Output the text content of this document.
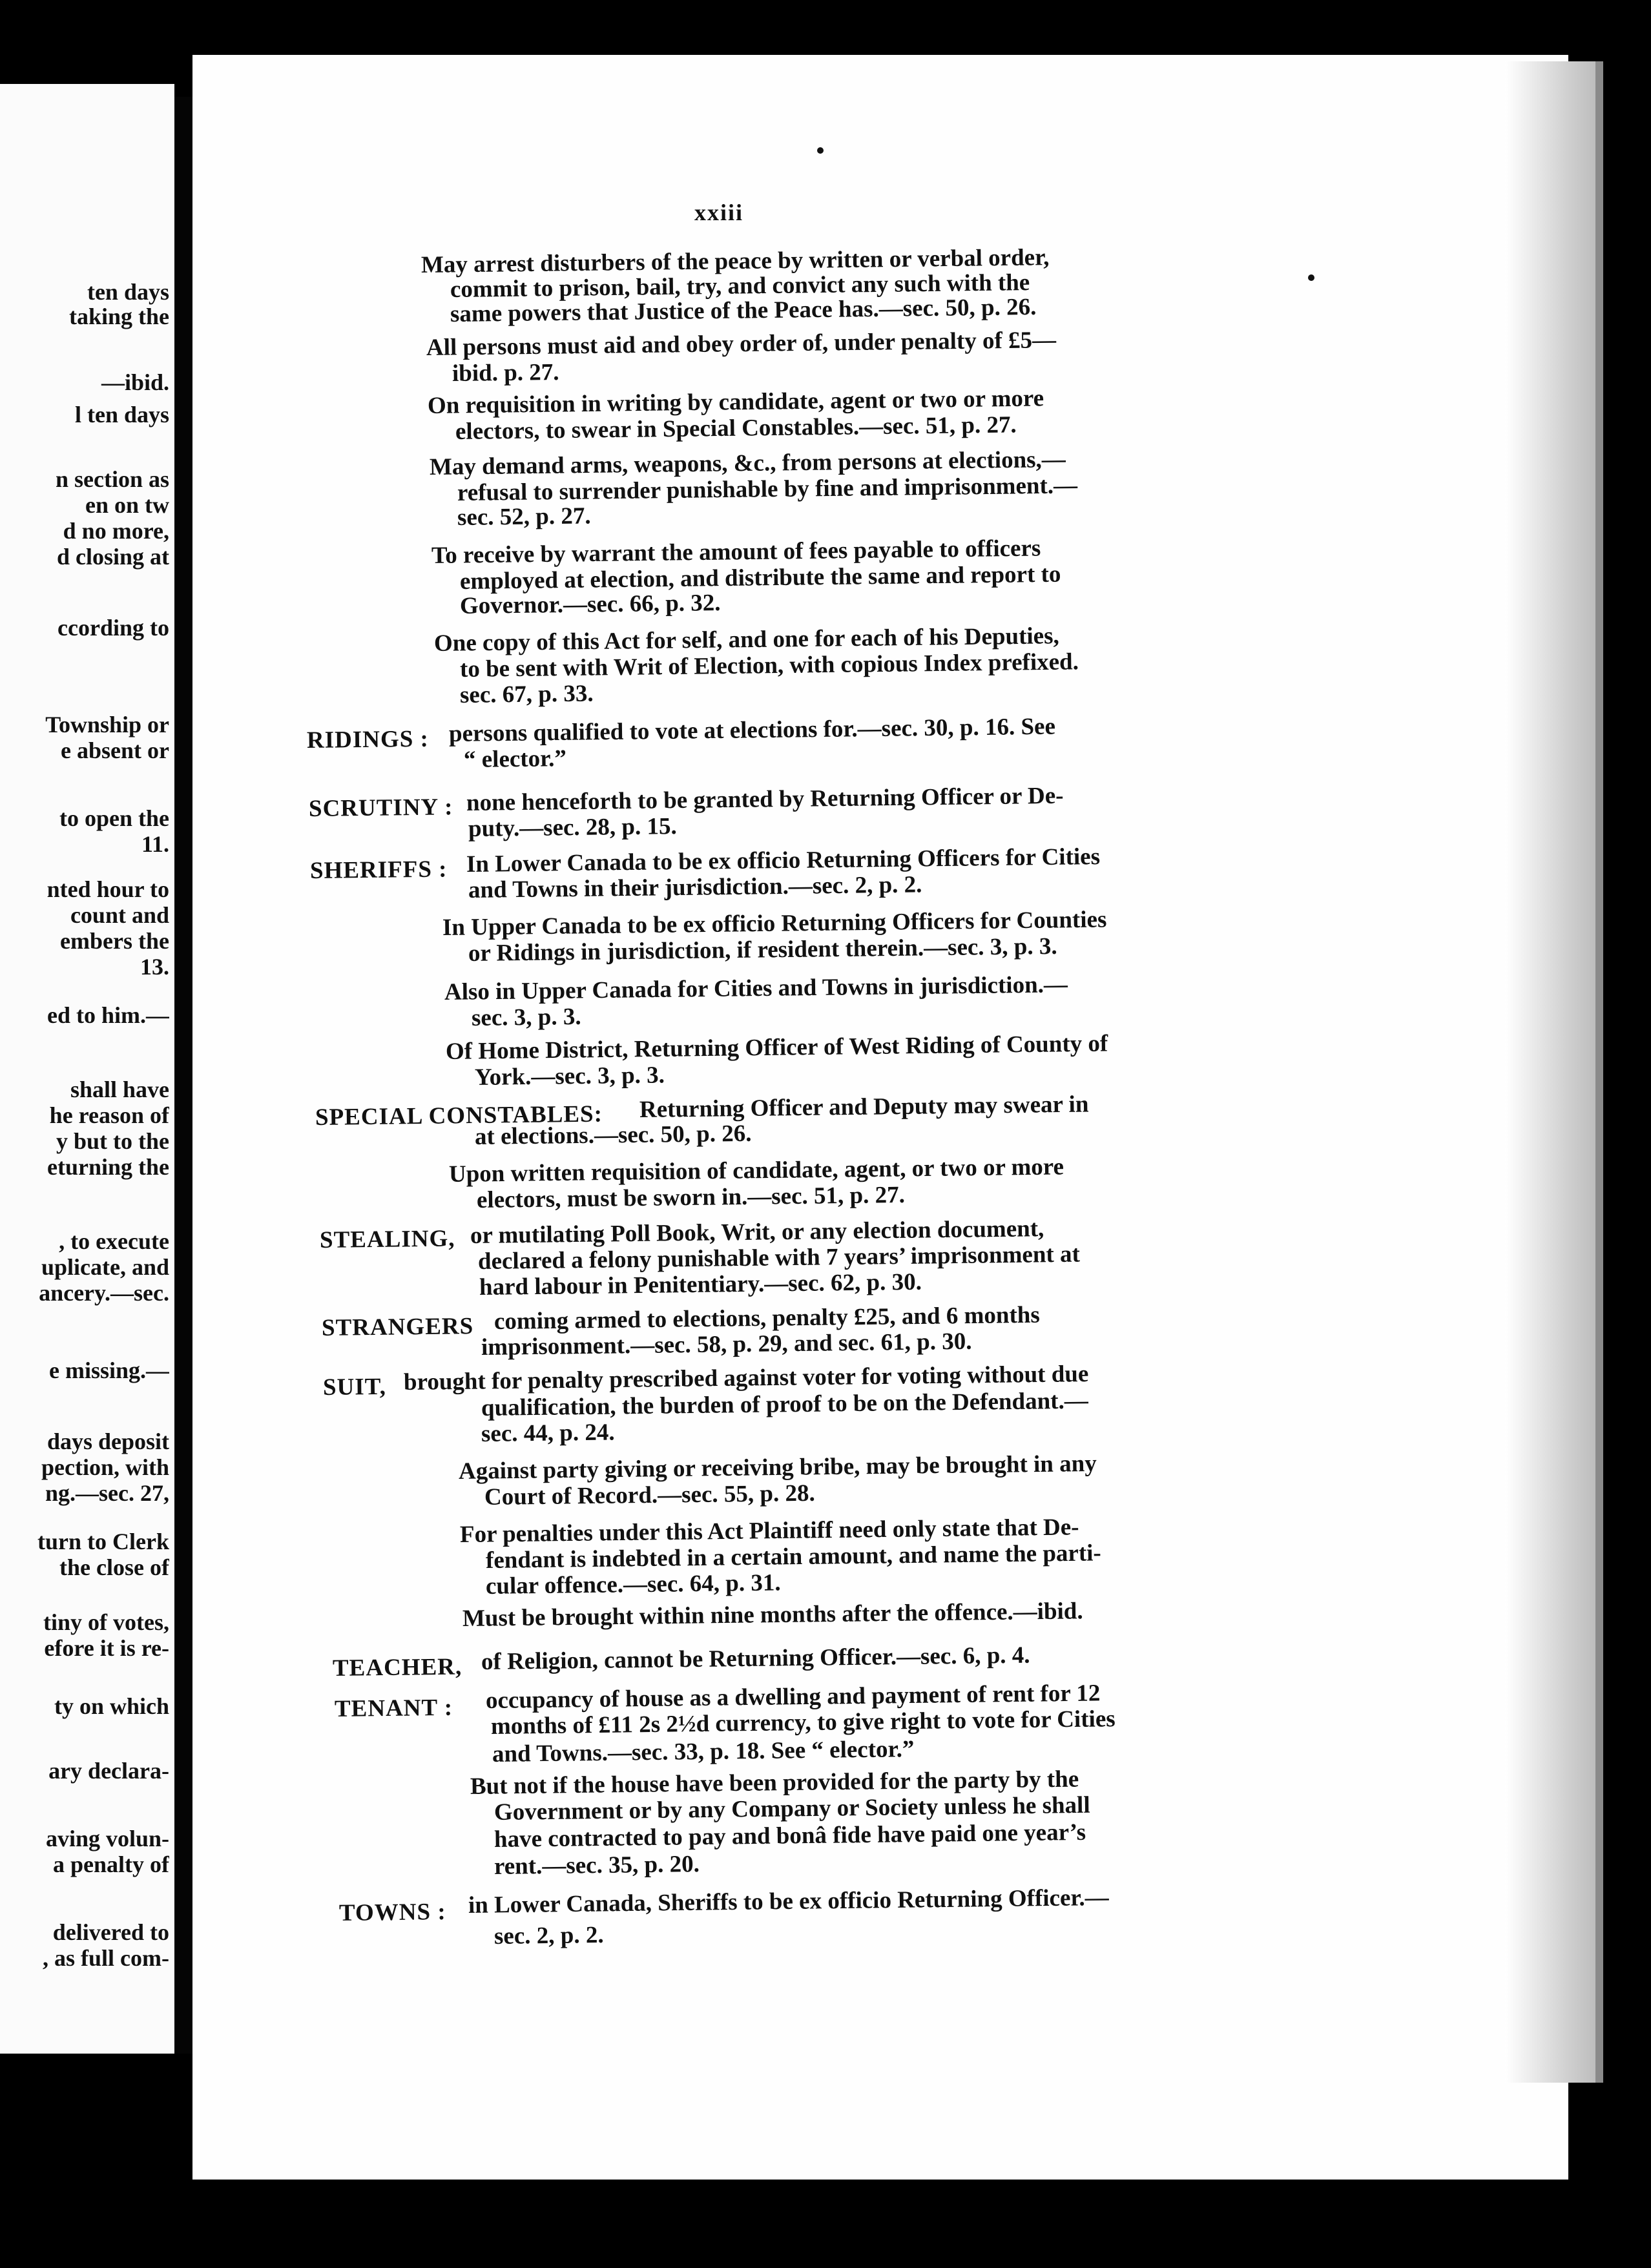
ten days
taking the
—ibid.
l ten days
n section as
en on tw
d no more,
d closing at
ccording to
Township or
e absent or
to open the
11.
nted hour to
count and
embers the
13.
ed to him.—
shall have
he reason of
y but to the
eturning the
, to execute
uplicate, and
ancery.—sec.
e missing.—
days deposit
pection, with
ng.—sec. 27,
turn to Clerk
the close of
tiny of votes,
efore it is re-
ty on which
ary declara-
aving volun-
a penalty of
delivered to
, as full com-
xxiii
May arrest disturbers of the peace by written or verbal order,
commit to prison, bail, try, and convict any such with the
same powers that Justice of the Peace has.—sec. 50, p. 26.
All persons must aid and obey order of, under penalty of £5—
ibid. p. 27.
On requisition in writing by candidate, agent or two or more
electors, to swear in Special Constables.—sec. 51, p. 27.
May demand arms, weapons, &c., from persons at elections,—
refusal to surrender punishable by fine and imprisonment.—
sec. 52, p. 27.
To receive by warrant the amount of fees payable to officers
employed at election, and distribute the same and report to
Governor.—sec. 66, p. 32.
One copy of this Act for self, and one for each of his Deputies,
to be sent with Writ of Election, with copious Index prefixed.
sec. 67, p. 33.
RIDINGS : persons qualified to vote at elections for.—sec. 30, p. 16. See
“ elector.”
SCRUTINY : none henceforth to be granted by Returning Officer or De-
puty.—sec. 28, p. 15.
SHERIFFS : In Lower Canada to be ex officio Returning Officers for Cities
and Towns in their jurisdiction.—sec. 2, p. 2.
In Upper Canada to be ex officio Returning Officers for Counties
or Ridings in jurisdiction, if resident therein.—sec. 3, p. 3.
Also in Upper Canada for Cities and Towns in jurisdiction.—
sec. 3, p. 3.
Of Home District, Returning Officer of West Riding of County of
York.—sec. 3, p. 3.
SPECIAL CONSTABLES: Returning Officer and Deputy may swear in
at elections.—sec. 50, p. 26.
Upon written requisition of candidate, agent, or two or more
electors, must be sworn in.—sec. 51, p. 27.
STEALING, or mutilating Poll Book, Writ, or any election document,
declared a felony punishable with 7 years’ imprisonment at
hard labour in Penitentiary.—sec. 62, p. 30.
STRANGERS coming armed to elections, penalty £25, and 6 months
imprisonment.—sec. 58, p. 29, and sec. 61, p. 30.
SUIT, brought for penalty prescribed against voter for voting without due
qualification, the burden of proof to be on the Defendant.—
sec. 44, p. 24.
Against party giving or receiving bribe, may be brought in any
Court of Record.—sec. 55, p. 28.
For penalties under this Act Plaintiff need only state that De-
fendant is indebted in a certain amount, and name the parti-
cular offence.—sec. 64, p. 31.
Must be brought within nine months after the offence.—ibid.
TEACHER, of Religion, cannot be Returning Officer.—sec. 6, p. 4.
TENANT : occupancy of house as a dwelling and payment of rent for 12
months of £11 2s 2½d currency, to give right to vote for Cities
and Towns.—sec. 33, p. 18. See “ elector.”
But not if the house have been provided for the party by the
Government or by any Company or Society unless he shall
have contracted to pay and bonâ fide have paid one year’s
rent.—sec. 35, p. 20.
TOWNS : in Lower Canada, Sheriffs to be ex officio Returning Officer.—
sec. 2, p. 2.
